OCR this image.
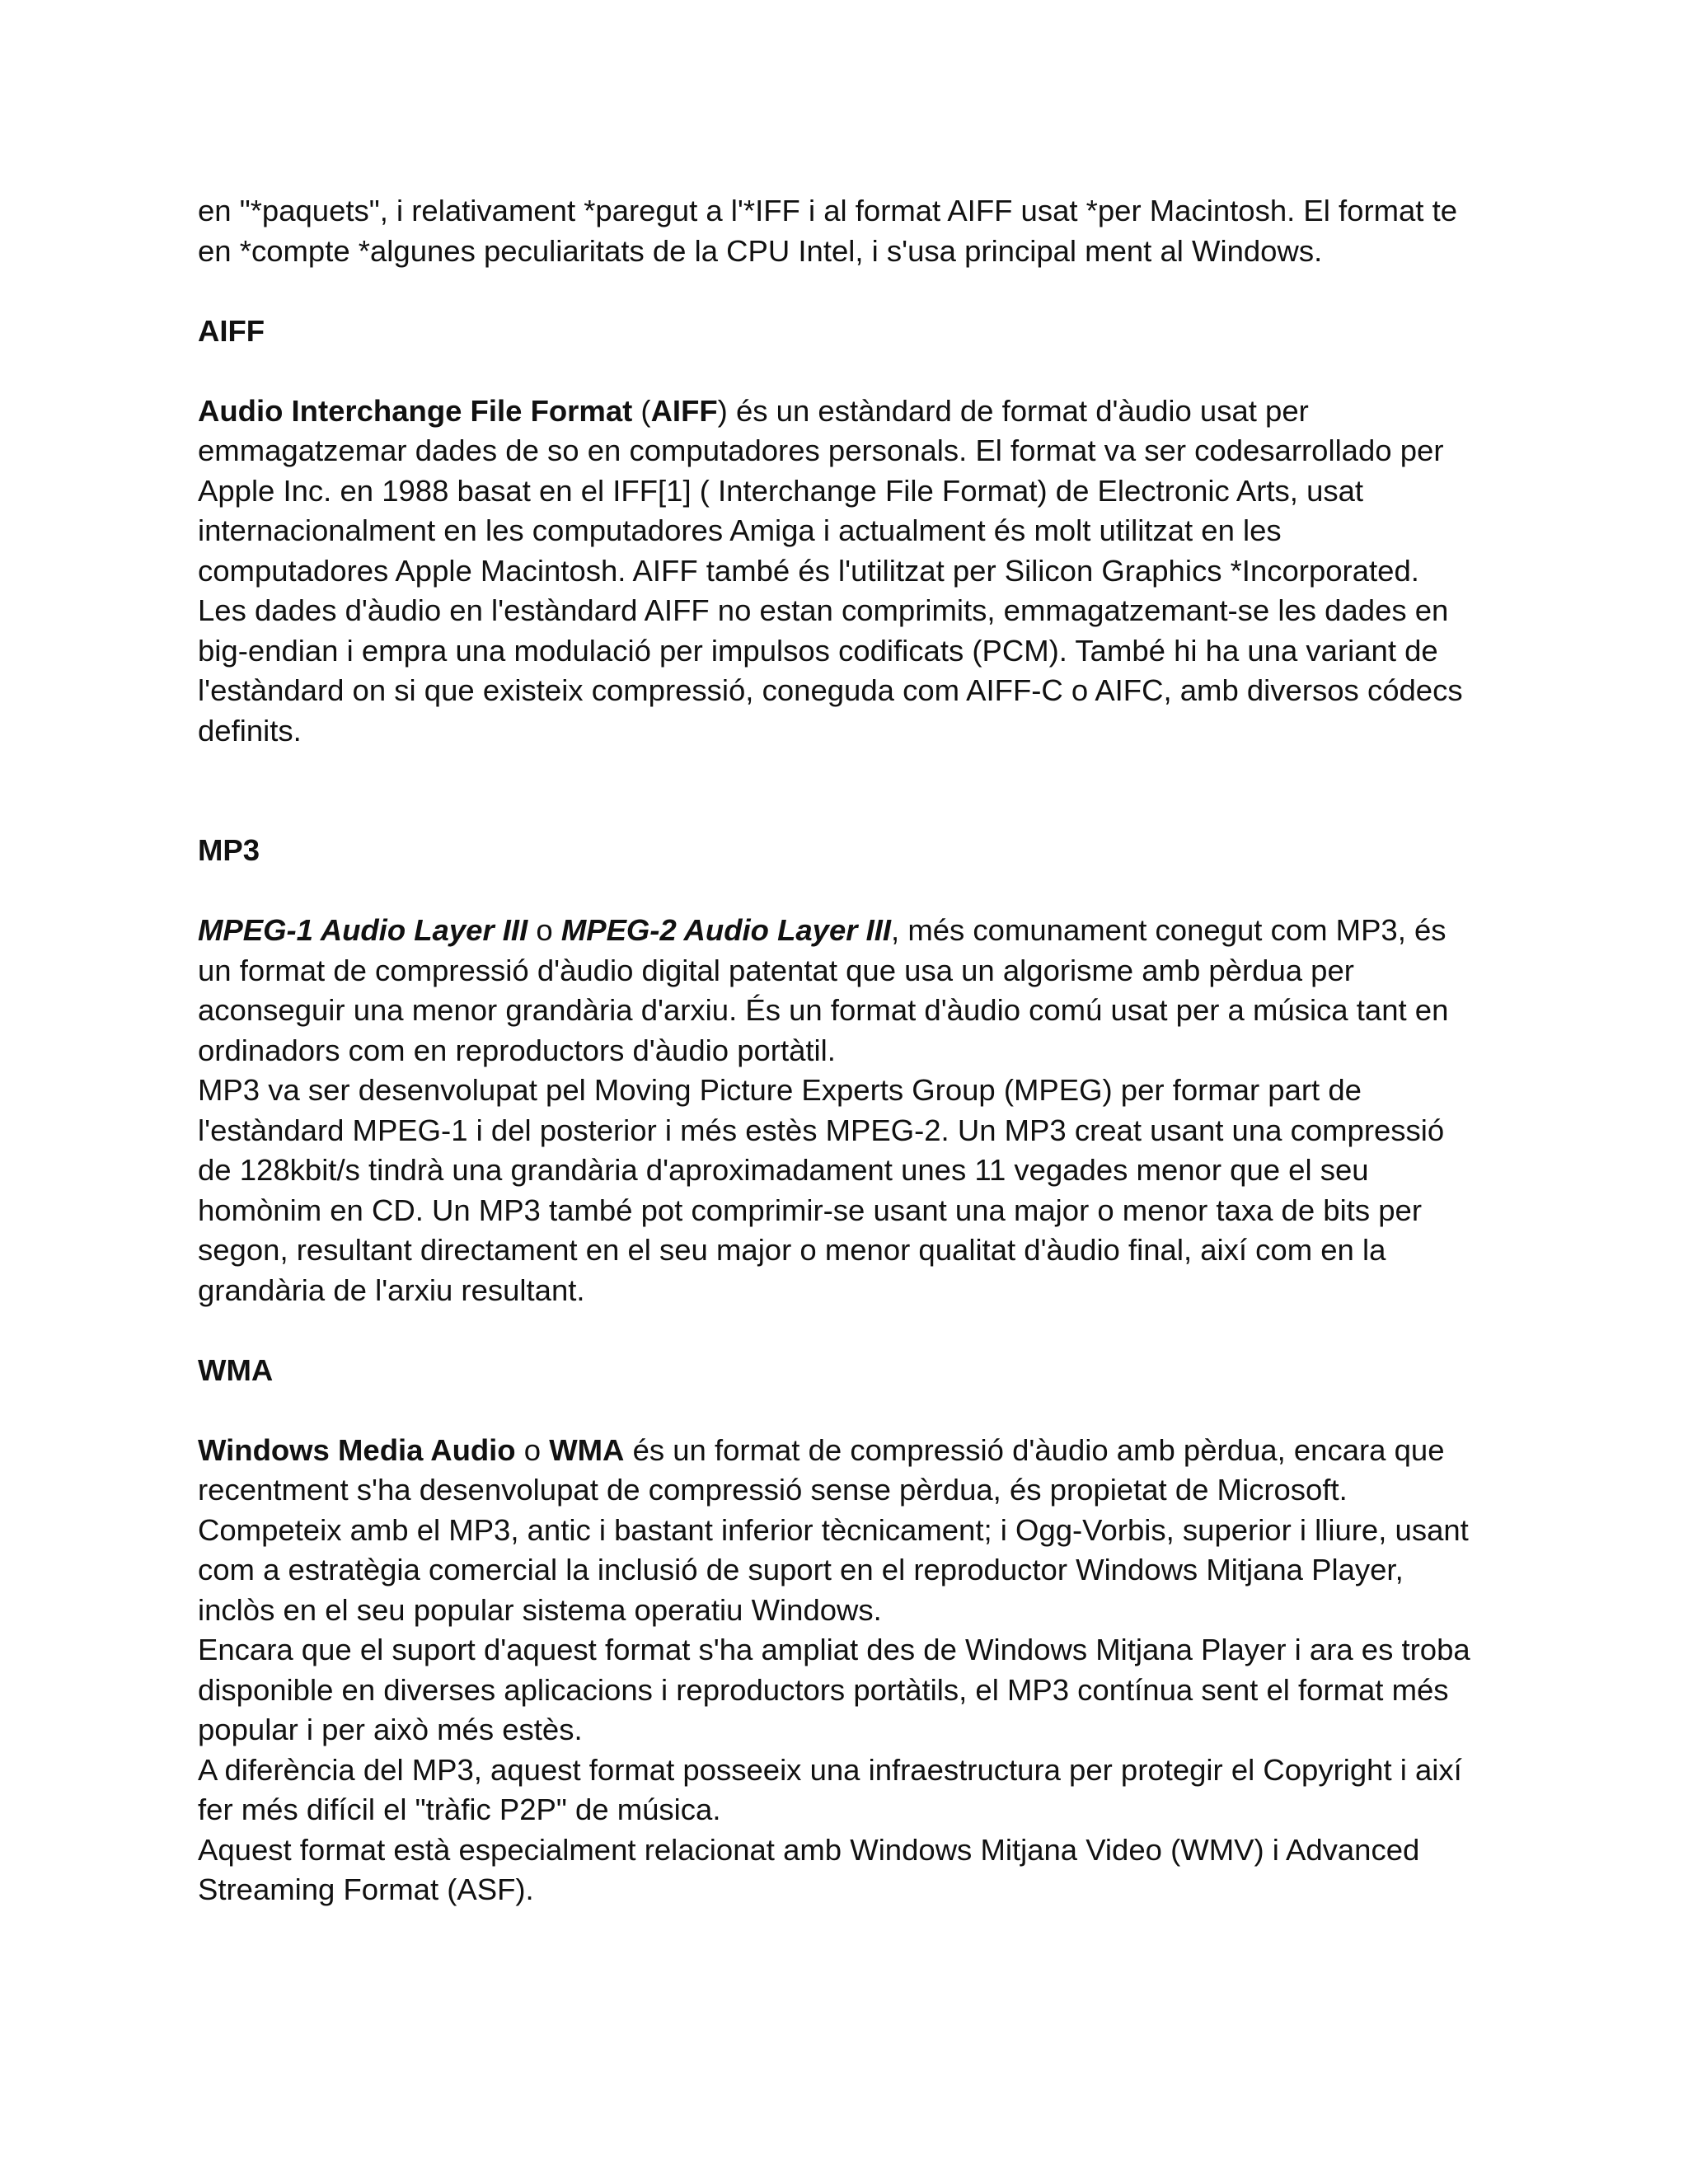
en "*paquets", i relativament *paregut a l'*IFF i al format AIFF usat *per Macintosh. El format te
en *compte *algunes peculiaritats de la CPU Intel, i s'usa principal ment al Windows.

AIFF

Audio Interchange File Format (AIFF) és un estàndard de format d'àudio usat per
emmagatzemar dades de so en computadores personals. El format va ser codesarrollado per
Apple Inc. en 1988 basat en el IFF[1] ( Interchange File Format) de Electronic Arts, usat
internacionalment en les computadores Amiga i actualment és molt utilitzat en les
computadores Apple Macintosh. AIFF també és l'utilitzat per Silicon Graphics *Incorporated.
Les dades d'àudio en l'estàndard AIFF no estan comprimits, emmagatzemant-se les dades en
big-endian i empra una modulació per impulsos codificats (PCM). També hi ha una variant de
l'estàndard on si que existeix compressió, coneguda com AIFF-C o AIFC, amb diversos códecs
definits.

MP3

MPEG-1 Audio Layer III o MPEG-2 Audio Layer III, més comunament conegut com MP3, és
un format de compressió d'àudio digital patentat que usa un algorisme amb pèrdua per
aconseguir una menor grandària d'arxiu. És un format d'àudio comú usat per a música tant en
ordinadors com en reproductors d'àudio portàtil.
MP3 va ser desenvolupat pel Moving Picture Experts Group (MPEG) per formar part de
l'estàndard MPEG-1 i del posterior i més estès MPEG-2. Un MP3 creat usant una compressió
de 128kbit/s tindrà una grandària d'aproximadament unes 11 vegades menor que el seu
homònim en CD. Un MP3 també pot comprimir-se usant una major o menor taxa de bits per
segon, resultant directament en el seu major o menor qualitat d'àudio final, així com en la
grandària de l'arxiu resultant.

WMA

Windows Media Audio o WMA és un format de compressió d'àudio amb pèrdua, encara que
recentment s'ha desenvolupat de compressió sense pèrdua, és propietat de Microsoft.
Competeix amb el MP3, antic i bastant inferior tècnicament; i Ogg-Vorbis, superior i lliure, usant
com a estratègia comercial la inclusió de suport en el reproductor Windows Mitjana Player,
inclòs en el seu popular sistema operatiu Windows.
Encara que el suport d'aquest format s'ha ampliat des de Windows Mitjana Player i ara es troba
disponible en diverses aplicacions i reproductors portàtils, el MP3 contínua sent el format més
popular i per això més estès.
A diferència del MP3, aquest format posseeix una infraestructura per protegir el Copyright i així
fer més difícil el "tràfic P2P" de música.
Aquest format està especialment relacionat amb Windows Mitjana Video (WMV) i Advanced
Streaming Format (ASF).
